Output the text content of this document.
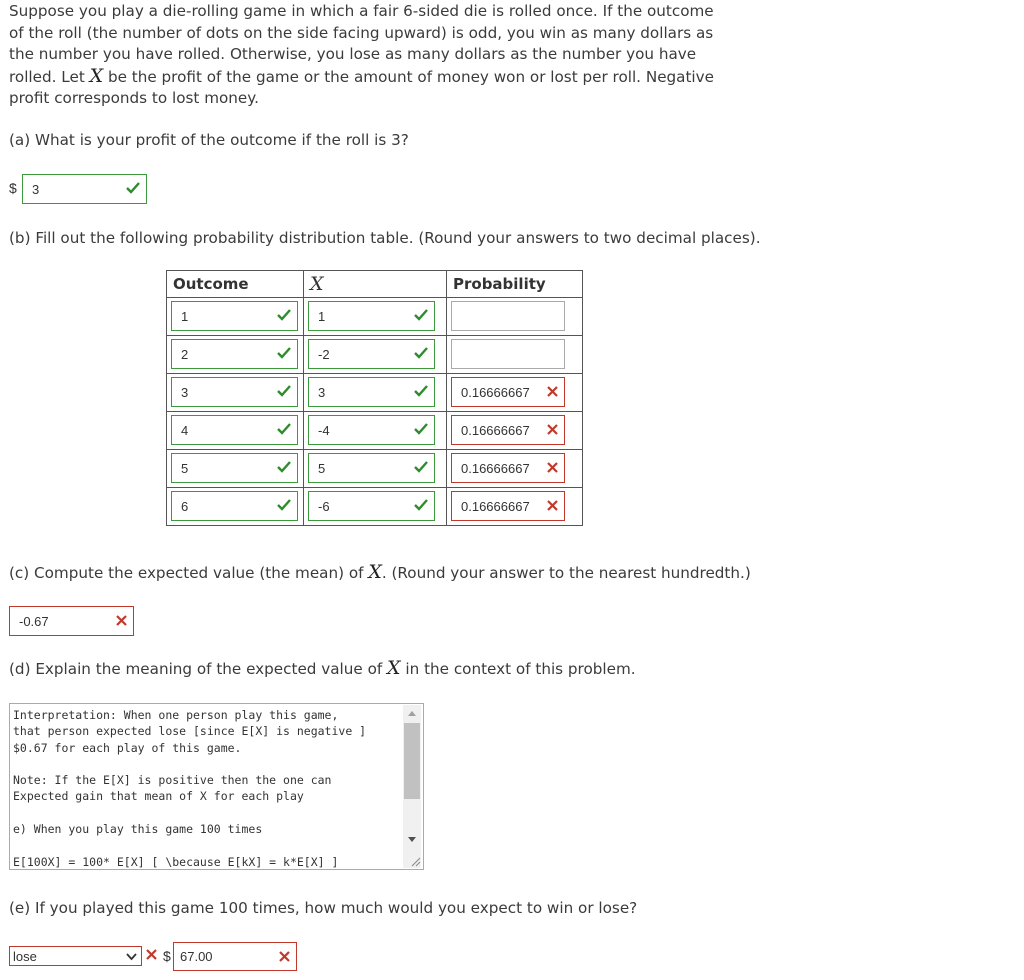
Suppose you play a die-rolling game in which a fair 6-sided die is rolled once. If the outcome of the roll (the number of dots on the side facing upward) is odd, you win as many dollars as the number you have rolled. Otherwise, you lose as many dollars as the number you have rolled. Let X be the profit of the game or the amount of money won or lost per roll. Negative profit corresponds to lost money.
(a) What is your profit of the outcome if the roll is 3?
$ 3
(b) Fill out the following probability distribution table. (Round your answers to two decimal places).
Outcome	X	Probability

1	1	

2	-2	

3	3	0.16666667

4	-4	0.16666667

5	5	0.16666667

6	-6	0.16666667
(c) Compute the expected value (the mean) of X. (Round your answer to the nearest hundredth.)
-0.67
(d) Explain the meaning of the expected value of X in the context of this problem.
Interpretation: When one person play this game, that person expected lose [since E[X] is negative ] $0.67 for each play of this game. Note: If the E[X] is positive then the one can Expected gain that mean of X for each play e) When you play this game 100 times E[100X] = 100* E[X] [ \because E[kX] = k*E[X] ]
(e) If you played this game 100 times, how much would you expect to win or lose?
lose	$ 67.00
